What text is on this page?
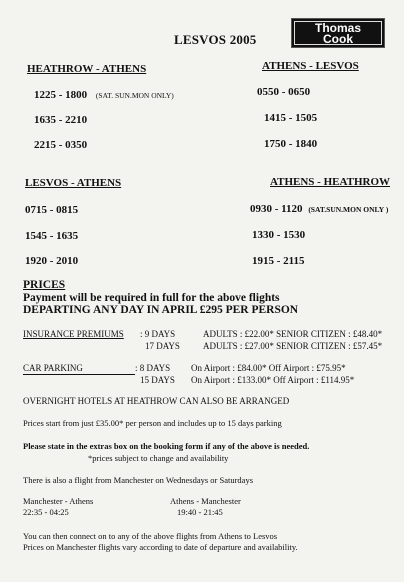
LESVOS 2005
Thomas
Cook
HEATHROW - ATHENS
1225 - 1800 (SAT. SUN.MON ONLY)
1635 - 2210
2215 - 0350
ATHENS - LESVOS
0550 - 0650
1415 - 1505
1750 - 1840
LESVOS - ATHENS
0715 - 0815
1545 - 1635
1920 - 2010
ATHENS - HEATHROW
0930 - 1120 (SAT.SUN.MON ONLY )
1330 - 1530
1915 - 2115
PRICES
Payment will be required in full for the above flights
DEPARTING ANY DAY IN APRIL £295 PER PERSON
INSURANCE PREMIUMS : 9 DAYS	ADULTS : £22.00* SENIOR CITIZEN : £48.40*
17 DAYS	ADULTS : £27.00* SENIOR CITIZEN : £57.45*
CAR PARKING	: 8 DAYS On Airport : £84.00* Off Airport : £75.95*
15 DAYS On Airport : £133.00* Off Airport : £114.95*
OVERNIGHT HOTELS AT HEATHROW CAN ALSO BE ARRANGED
Prices start from just £35.00* per person and includes up to 15 days parking
Please state in the extras box on the booking form if any of the above is needed.
*prices subject to change and availability
There is also a flight from Manchester on Wednesdays or Saturdays
Manchester - Athens
22:35 - 04:25
Athens - Manchester
19:40 - 21:45
You can then connect on to any of the above flights from Athens to Lesvos
Prices on Manchester flights vary according to date of departure and availability.
